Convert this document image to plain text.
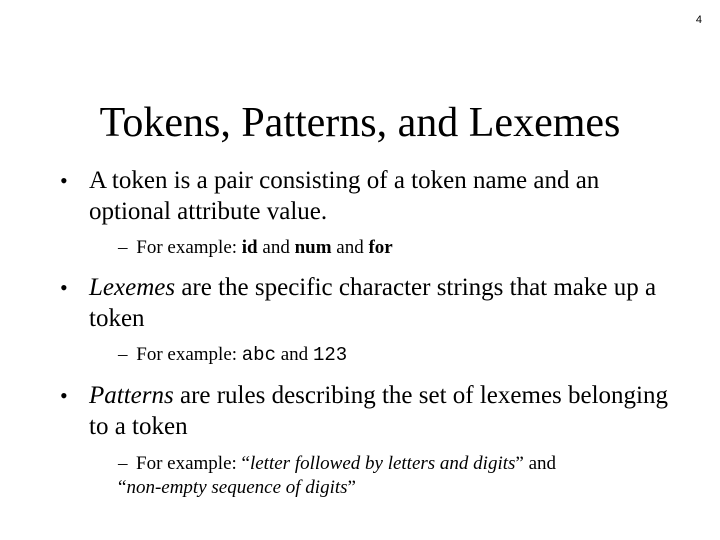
4
Tokens, Patterns, and Lexemes
• A token is a pair consisting of a token name and an optional attribute value.
– For example: id and num and for
• Lexemes are the specific character strings that make up a token
– For example: abc and 123
• Patterns are rules describing the set of lexemes belonging to a token
– For example: “letter followed by letters and digits” and
“non-empty sequence of digits”
